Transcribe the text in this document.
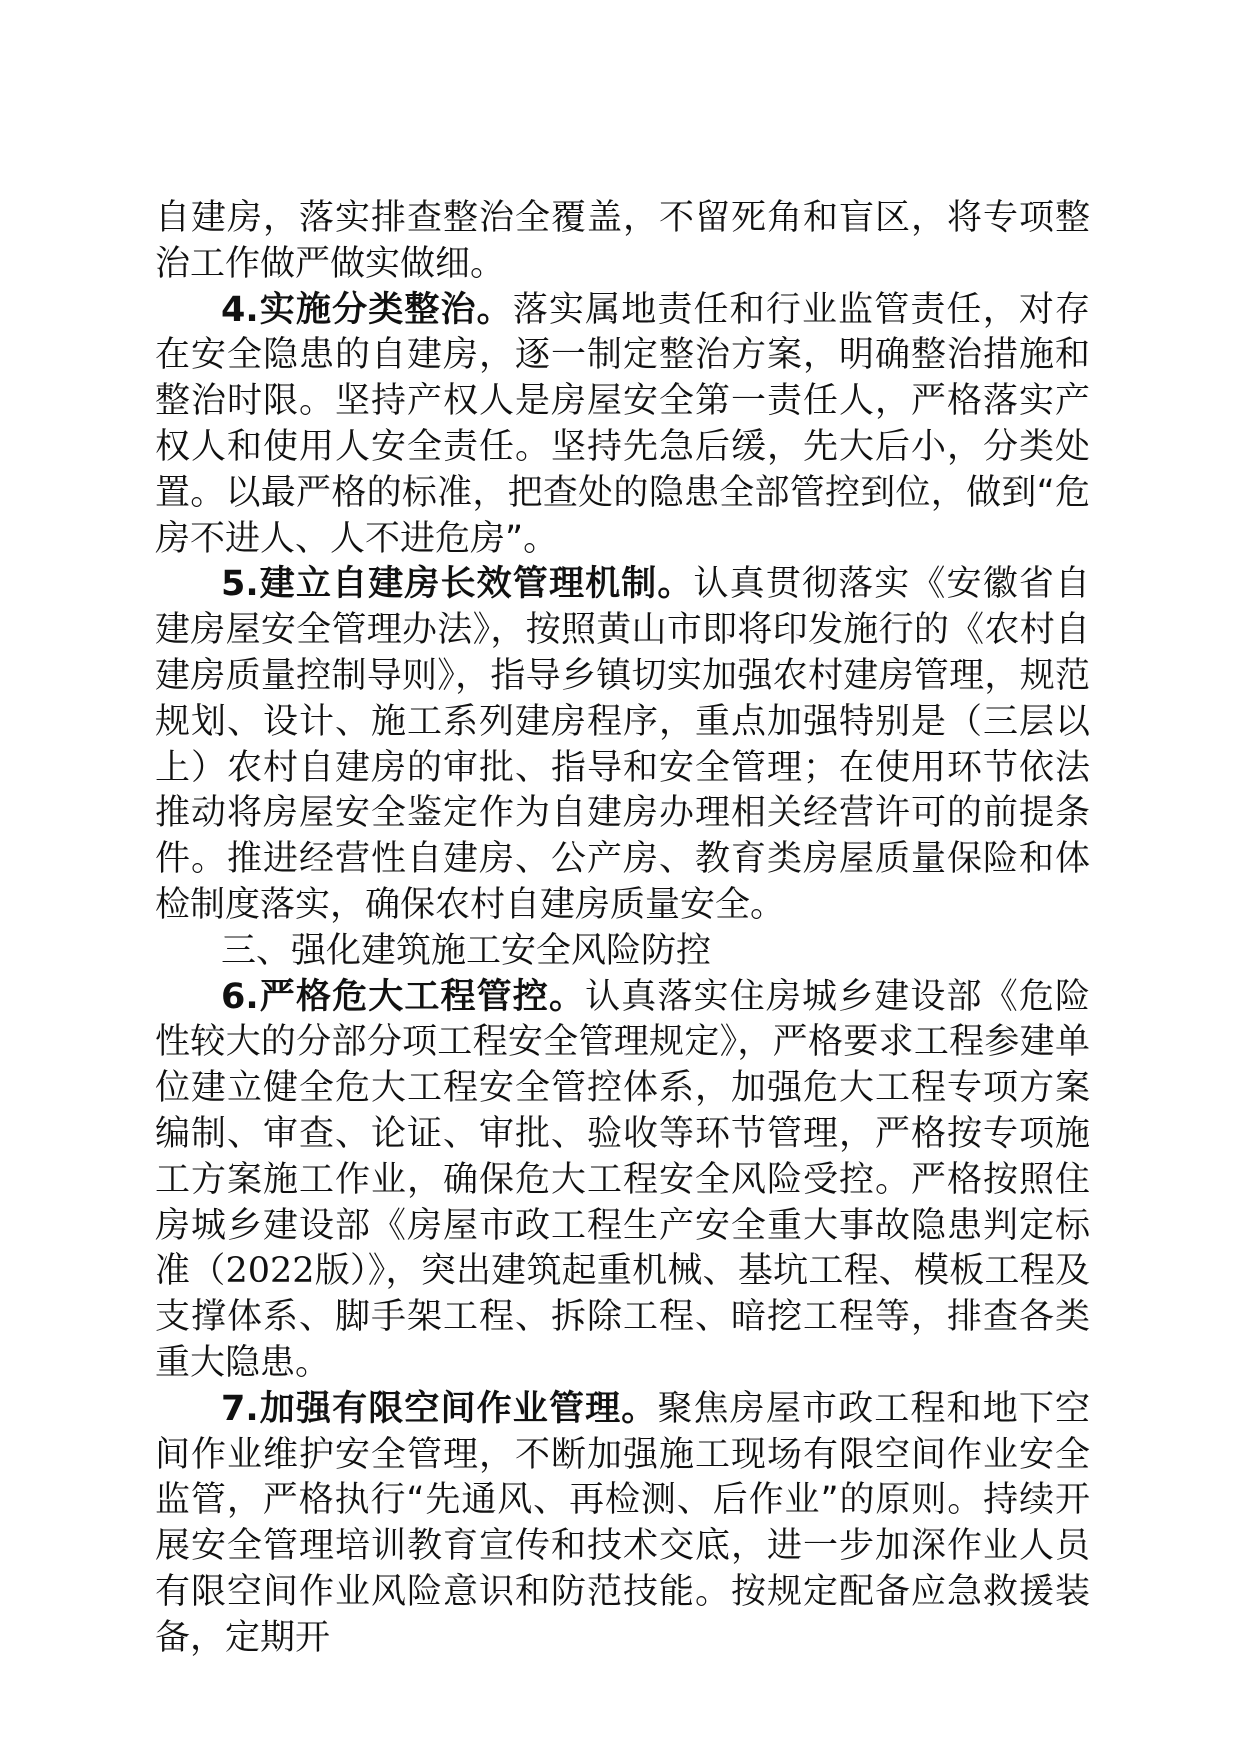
自建房，落实排查整治全覆盖，不留死角和盲区，将专项整治工作做严做实做细。

4.实施分类整治。落实属地责任和行业监管责任，对存在安全隐患的自建房，逐一制定整治方案，明确整治措施和整治时限。坚持产权人是房屋安全第一责任人，严格落实产权人和使用人安全责任。坚持先急后缓，先大后小，分类处置。以最严格的标准，把查处的隐患全部管控到位，做到“危房不进人、人不进危房”。

5.建立自建房长效管理机制。认真贯彻落实《安徽省自建房屋安全管理办法》，按照黄山市即将印发施行的《农村自建房质量控制导则》，指导乡镇切实加强农村建房管理，规范规划、设计、施工系列建房程序，重点加强特别是（三层以上）农村自建房的审批、指导和安全管理；在使用环节依法推动将房屋安全鉴定作为自建房办理相关经营许可的前提条件。推进经营性自建房、公产房、教育类房屋质量保险和体检制度落实，确保农村自建房质量安全。

三、强化建筑施工安全风险防控

6.严格危大工程管控。认真落实住房城乡建设部《危险性较大的分部分项工程安全管理规定》，严格要求工程参建单位建立健全危大工程安全管控体系，加强危大工程专项方案编制、审查、论证、审批、验收等环节管理，严格按专项施工方案施工作业，确保危大工程安全风险受控。严格按照住房城乡建设部《房屋市政工程生产安全重大事故隐患判定标准（2022版）》，突出建筑起重机械、基坑工程、模板工程及支撑体系、脚手架工程、拆除工程、暗挖工程等，排查各类重大隐患。

7.加强有限空间作业管理。聚焦房屋市政工程和地下空间作业维护安全管理，不断加强施工现场有限空间作业安全监管，严格执行“先通风、再检测、后作业”的原则。持续开展安全管理培训教育宣传和技术交底，进一步加深作业人员有限空间作业风险意识和防范技能。按规定配备应急救援装备，定期开
